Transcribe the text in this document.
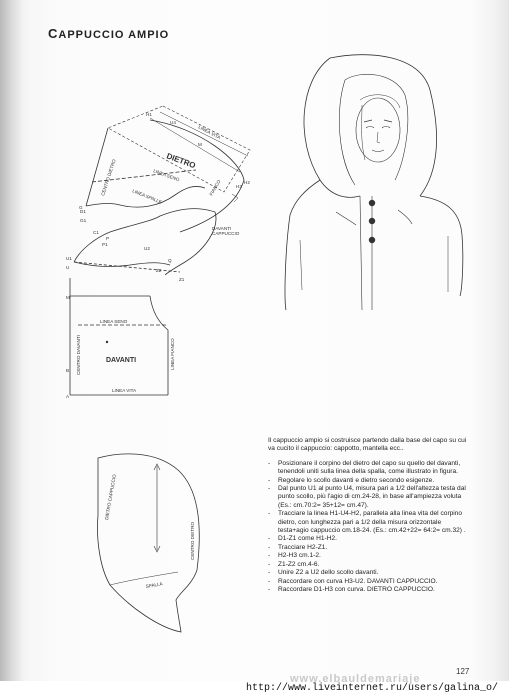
CAPPUCCIO AMPIO
H1
U4
H2
H3
M
M
LINEA VITA
DIETRO
CENTRO DIETRO	LINEA SENO
LINEA SPALLE	FIANCO
D1
G
G1
C1
P
P1
U1
U
U2
Q
Z1
Z2
DAVANTI CAPPUCCIO
LINEA SENO
DAVANTI
CENTRO DAVANTI	LINEA FIANCO
LINEA VITA
B
A
DIETRO CAPPUCCIO
CENTRO DIETRO
SPALLA

Il cappuccio ampio si costruisce partendo dalla base del capo su cui va cucito il cappuccio: cappotto, mantella ecc..

- Posizionare il corpino del dietro del capo su quello del davanti, tenendoli uniti sulla linea della spalla, come illustrato in figura.
- Regolare lo scollo davanti e dietro secondo esigenze.
- Dal punto U1 al punto U4, misura pari a 1/2 dell'altezza testa dal punto scollo, più l'agio di cm.24-28, in base all'ampiezza voluta (Es.: cm.70:2= 35+12= cm.47).
- Tracciare la linea H1-U4-H2, parallela alla linea vita del corpino dietro, con lunghezza pari a 1/2 della misura orizzontale testa+agio cappuccio cm.18-24. (Es.: cm.42+22= 64:2= cm.32) .
- D1-Z1 come H1-H2.
- Tracciare H2-Z1.
- H2-H3 cm.1-2.
- Z1-Z2 cm.4-6.
- Unire Z2 a U2 dello scollo davanti.
- Raccordare con curva H3-U2. DAVANTI CAPPUCCIO.
- Raccordare D1-H3 con curva. DIETRO CAPPUCCIO.
127
www.elbauldemariaje
http://www.liveinternet.ru/users/galina_o/
